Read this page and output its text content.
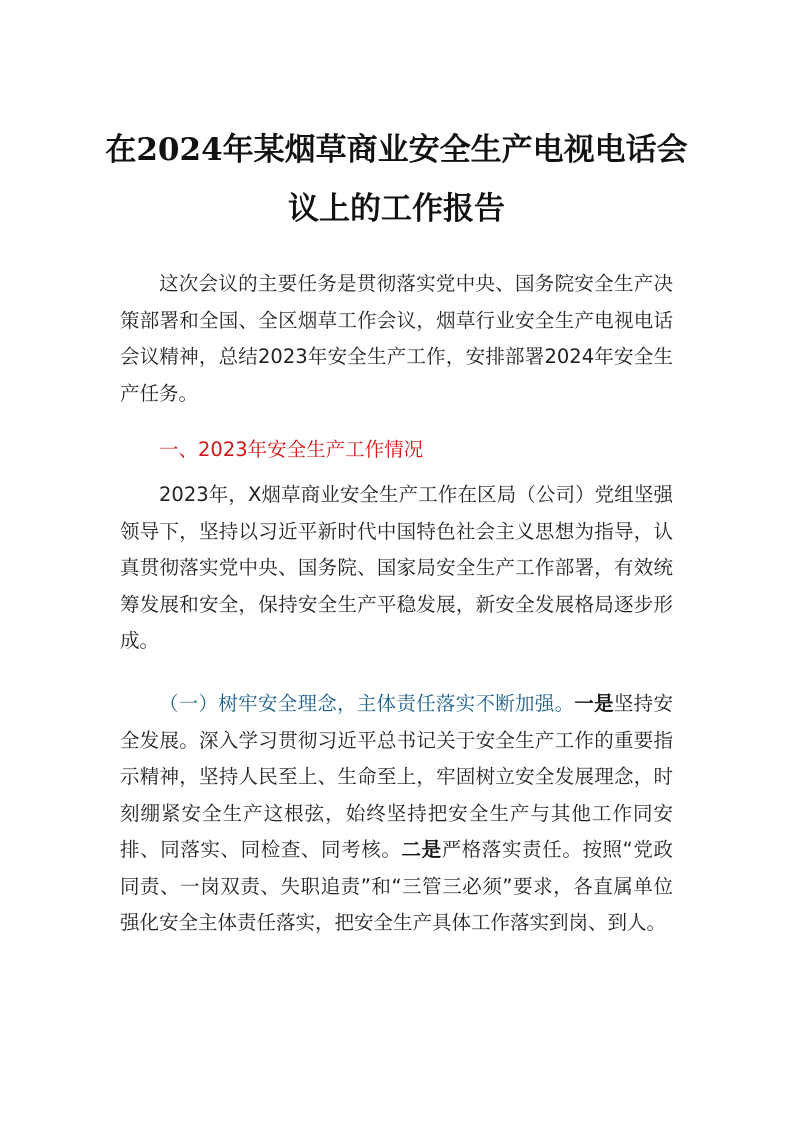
在2024年某烟草商业安全生产电视电话会
议上的工作报告

这次会议的主要任务是贯彻落实党中央、国务院安全生产决策部署和全国、全区烟草工作会议，烟草行业安全生产电视电话会议精神，总结2023年安全生产工作，安排部署2024年安全生产任务。

一、2023年安全生产工作情况

2023年，X烟草商业安全生产工作在区局（公司）党组坚强领导下，坚持以习近平新时代中国特色社会主义思想为指导，认真贯彻落实党中央、国务院、国家局安全生产工作部署，有效统筹发展和安全，保持安全生产平稳发展，新安全发展格局逐步形成。

（一）树牢安全理念，主体责任落实不断加强。一是坚持安全发展。深入学习贯彻习近平总书记关于安全生产工作的重要指示精神，坚持人民至上、生命至上，牢固树立安全发展理念，时刻绷紧安全生产这根弦，始终坚持把安全生产与其他工作同安排、同落实、同检查、同考核。二是严格落实责任。按照“党政同责、一岗双责、失职追责”和“三管三必须”要求，各直属单位强化安全主体责任落实，把安全生产具体工作落实到岗、到人。
